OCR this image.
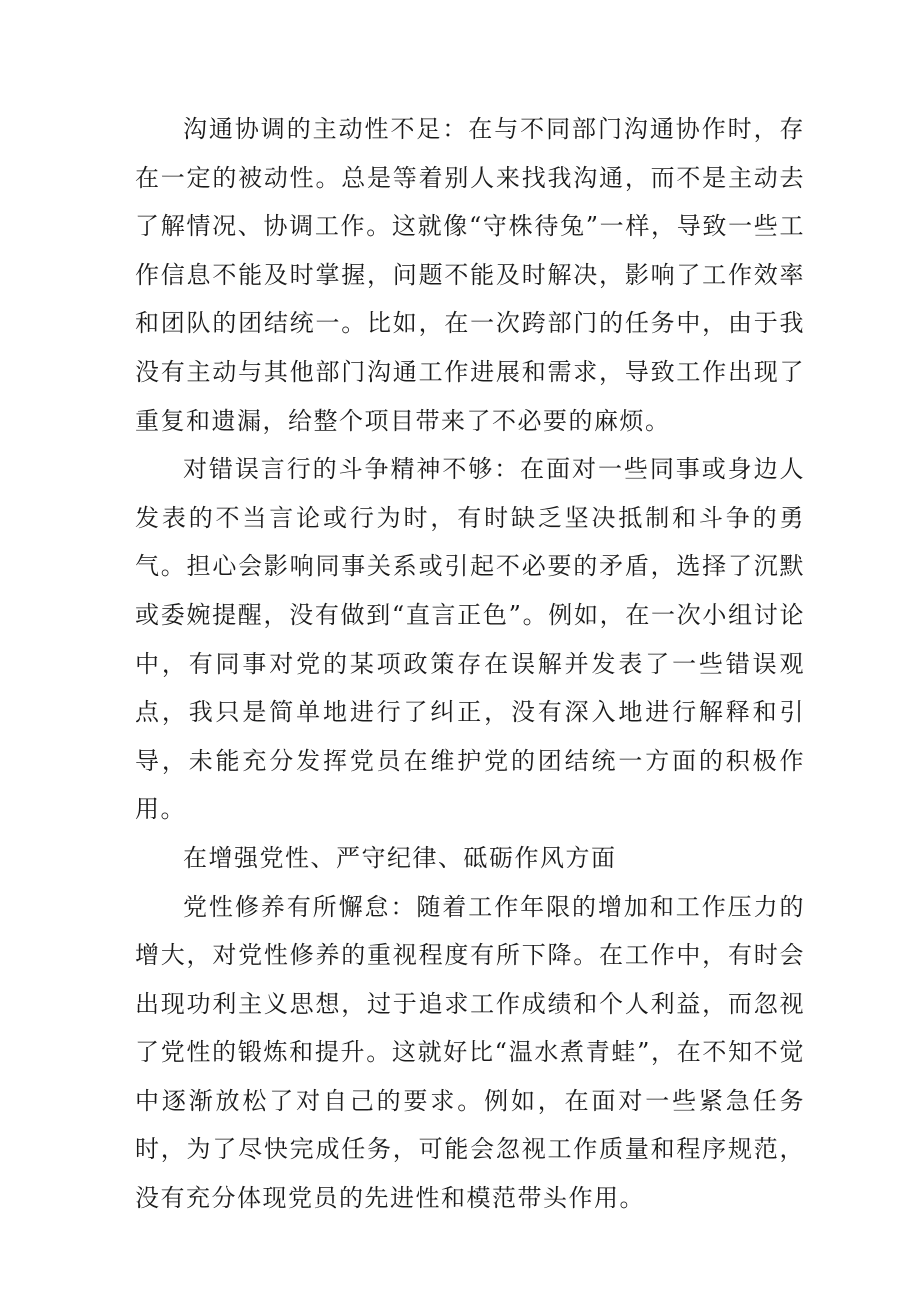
沟通协调的主动性不足：在与不同部门沟通协作时，存在一定的被动性。总是等着别人来找我沟通，而不是主动去了解情况、协调工作。这就像“守株待兔”一样，导致一些工作信息不能及时掌握，问题不能及时解决，影响了工作效率和团队的团结统一。比如，在一次跨部门的任务中，由于我没有主动与其他部门沟通工作进展和需求，导致工作出现了重复和遗漏，给整个项目带来了不必要的麻烦。

对错误言行的斗争精神不够：在面对一些同事或身边人发表的不当言论或行为时，有时缺乏坚决抵制和斗争的勇气。担心会影响同事关系或引起不必要的矛盾，选择了沉默或委婉提醒，没有做到“直言正色”。例如，在一次小组讨论中，有同事对党的某项政策存在误解并发表了一些错误观点，我只是简单地进行了纠正，没有深入地进行解释和引导，未能充分发挥党员在维护党的团结统一方面的积极作用。

在增强党性、严守纪律、砥砺作风方面

党性修养有所懈怠：随着工作年限的增加和工作压力的增大，对党性修养的重视程度有所下降。在工作中，有时会出现功利主义思想，过于追求工作成绩和个人利益，而忽视了党性的锻炼和提升。这就好比“温水煮青蛙”，在不知不觉中逐渐放松了对自己的要求。例如，在面对一些紧急任务时，为了尽快完成任务，可能会忽视工作质量和程序规范，没有充分体现党员的先进性和模范带头作用。
